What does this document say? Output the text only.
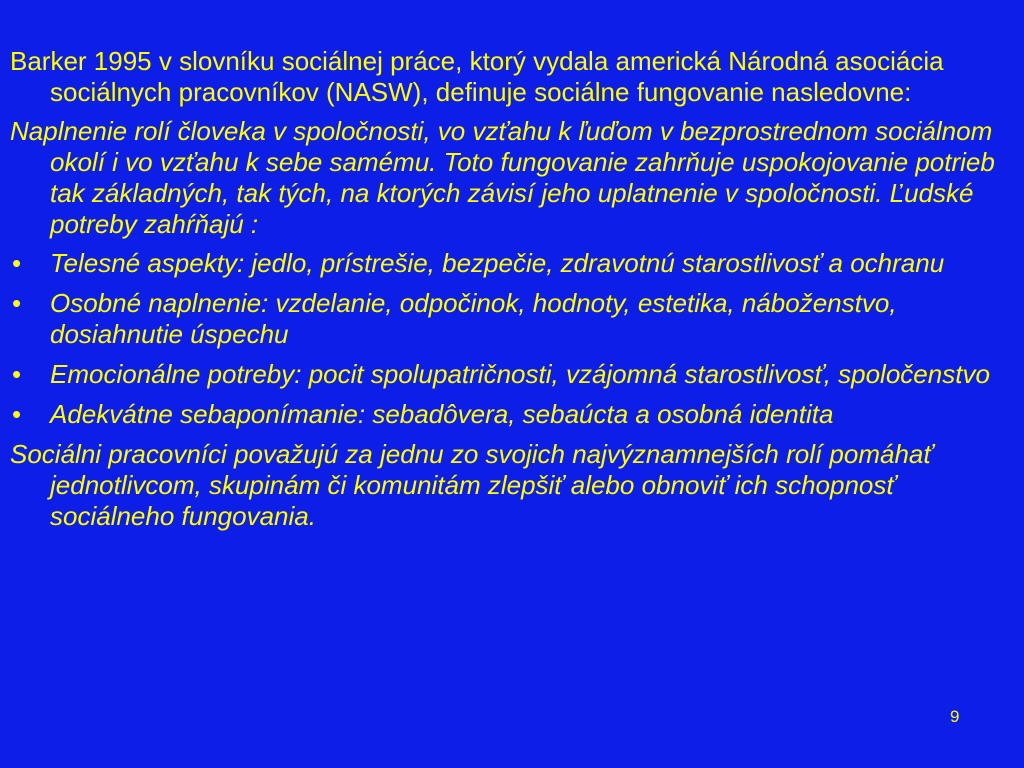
Barker 1995 v slovníku sociálnej práce, ktorý vydala americká Národná asociácia sociálnych pracovníkov (NASW), definuje sociálne fungovanie nasledovne:

Naplnenie rolí človeka v spoločnosti, vo vzťahu k ľuďom v bezprostrednom sociálnom okolí i vo vzťahu k sebe samému. Toto fungovanie zahrňuje uspokojovanie potrieb tak základných, tak tých, na ktorých závisí jeho uplatnenie v spoločnosti. Ľudské potreby zahŕňajú :

• Telesné aspekty: jedlo, prístrešie, bezpečie, zdravotnú starostlivosť a ochranu
• Osobné naplnenie: vzdelanie, odpočinok, hodnoty, estetika, náboženstvo, dosiahnutie úspechu
• Emocionálne potreby: pocit spolupatričnosti, vzájomná starostlivosť, spoločenstvo
• Adekvátne sebaponímanie: sebadôvera, sebaúcta a osobná identita

Sociálni pracovníci považujú za jednu zo svojich najvýznamnejších rolí pomáhať jednotlivcom, skupinám či komunitám zlepšiť alebo obnoviť ich schopnosť sociálneho fungovania.

9
